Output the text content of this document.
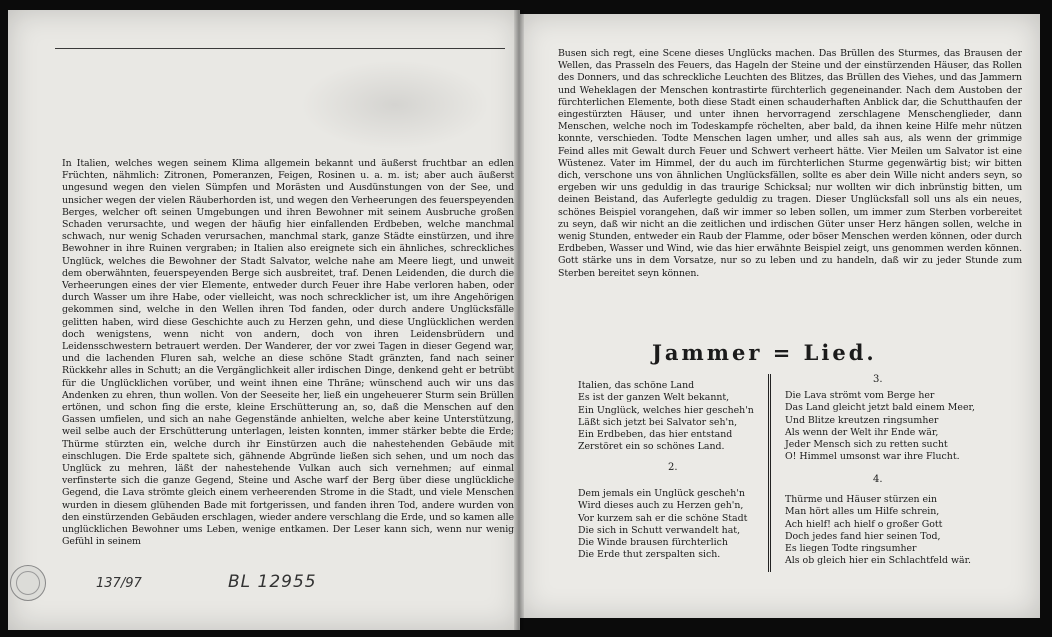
In Italien, welches wegen seinem Klima allgemein bekannt und äußerst fruchtbar an edlen Früchten, nähmlich: Zitronen, Pomeranzen, Feigen, Rosinen u. a. m. ist; aber auch äußerst ungesund wegen den vielen Sümpfen und Morästen und Ausdünstungen von der See, und unsicher wegen der vielen Räuberhorden ist, und wegen den Verheerungen des feuerspeyenden Berges, welcher oft seinen Umgebungen und ihren Bewohner mit seinem Ausbruche großen Schaden verursachte, und wegen der häufig hier einfallenden Erdbeben, welche manchmal schwach, nur wenig Schaden verursachen, manchmal stark, ganze Städte einstürzen, und ihre Bewohner in ihre Ruinen vergraben; in Italien also ereignete sich ein ähnliches, schreckliches Unglück, welches die Bewohner der Stadt Salvator, welche nahe am Meere liegt, und unweit dem oberwähnten, feuerspeyenden Berge sich ausbreitet, traf. Denen Leidenden, die durch die Verheerungen eines der vier Elemente, entweder durch Feuer ihre Habe verloren haben, oder durch Wasser um ihre Habe, oder vielleicht, was noch schrecklicher ist, um ihre Angehörigen gekommen sind, welche in den Wellen ihren Tod fanden, oder durch andere Unglücksfälle gelitten haben, wird diese Geschichte auch zu Herzen gehn, und diese Unglücklichen werden doch wenigstens, wenn nicht von andern, doch von ihren Leidensbrüdern und Leidensschwestern betrauert werden. Der Wanderer, der vor zwei Tagen in dieser Gegend war, und die lachenden Fluren sah, welche an diese schöne Stadt gränzten, fand nach seiner Rückkehr alles in Schutt; an die Vergänglichkeit aller irdischen Dinge, denkend geht er betrübt für die Unglücklichen vorüber, und weint ihnen eine Thräne; wünschend auch wir uns das Andenken zu ehren, thun wollen. Von der Seeseite her, ließ ein ungeheuerer Sturm sein Brüllen ertönen, und schon fing die erste, kleine Erschütterung an, so, daß die Menschen auf den Gassen umfielen, und sich an nahe Gegenstände anhielten, welche aber keine Unterstützung, weil selbe auch der Erschütterung unterlagen, leisten konnten, immer stärker bebte die Erde; Thürme stürzten ein, welche durch ihr Einstürzen auch die nahestehenden Gebäude mit einschlugen. Die Erde spaltete sich, gähnende Abgründe ließen sich sehen, und um noch das Unglück zu mehren, läßt der nahestehende Vulkan auch sich vernehmen; auf einmal verfinsterte sich die ganze Gegend, Steine und Asche warf der Berg über diese unglückliche Gegend, die Lava strömte gleich einem verheerenden Strome in die Stadt, und viele Menschen wurden in diesem glühenden Bade mit fortgerissen, und fanden ihren Tod, andere wurden von den einstürzenden Gebäuden erschlagen, wieder andere verschlang die Erde, und so kamen alle unglücklichen Bewohner ums Leben, wenige entkamen. Der Leser kann sich, wenn nur wenig Gefühl in seinem

Busen sich regt, eine Scene dieses Unglücks machen. Das Brüllen des Sturmes, das Brausen der Wellen, das Prasseln des Feuers, das Hageln der Steine und der einstürzenden Häuser, das Rollen des Donners, und das schreckliche Leuchten des Blitzes, das Brüllen des Viehes, und das Jammern und Weheklagen der Menschen kontrastirte fürchterlich gegeneinander. Nach dem Austoben der fürchterlichen Elemente, both diese Stadt einen schauderhaften Anblick dar, die Schutthaufen der eingestürzten Häuser, und unter ihnen hervorragend zerschlagene Menschenglieder, dann Menschen, welche noch im Todeskampfe röchelten, aber bald, da ihnen keine Hilfe mehr nützen konnte, verschieden. Todte Menschen lagen umher, und alles sah aus, als wenn der grimmige Feind alles mit Gewalt durch Feuer und Schwert verheert hätte. Vier Meilen um Salvator ist eine Wüstenez. Vater im Himmel, der du auch im fürchterlichen Sturme gegenwärtig bist; wir bitten dich, verschone uns von ähnlichen Unglücksfällen, sollte es aber dein Wille nicht anders seyn, so ergeben wir uns geduldig in das traurige Schicksal; nur wollten wir dich inbrünstig bitten, um deinen Beistand, das Auferlegte geduldig zu tragen. Dieser Unglücksfall soll uns als ein neues, schönes Beispiel vorangehen, daß wir immer so leben sollen, um immer zum Sterben vorbereitet zu seyn, daß wir nicht an die zeitlichen und irdischen Güter unser Herz hängen sollen, welche in wenig Stunden, entweder ein Raub der Flamme, oder böser Menschen werden können, oder durch Erdbeben, Wasser und Wind, wie das hier erwähnte Beispiel zeigt, uns genommen werden können. Gott stärke uns in dem Vorsatze, nur so zu leben und zu handeln, daß wir zu jeder Stunde zum Sterben bereitet seyn können.

Jammer = Lied.
Italien, das schöne Land
Es ist der ganzen Welt bekannt,
Ein Unglück, welches hier gescheh'n
Läßt sich jetzt bei Salvator seh'n,
Ein Erdbeben, das hier entstand
Zerstöret ein so schönes Land.

2.

Dem jemals ein Unglück gescheh'n
Wird dieses auch zu Herzen geh'n,
Vor kurzem sah er die schöne Stadt
Die sich in Schutt verwandelt hat,
Die Winde brausen fürchterlich
Die Erde thut zerspalten sich.

3.

Die Lava strömt vom Berge her
Das Land gleicht jetzt bald einem Meer,
Und Blitze kreutzen ringsumher
Als wenn der Welt ihr Ende wär,
Jeder Mensch sich zu retten sucht
O! Himmel umsonst war ihre Flucht.

4.

Thürme und Häuser stürzen ein
Man hört alles um Hilfe schrein,
Ach hielf! ach hielf o großer Gott
Doch jedes fand hier seinen Tod,
Es liegen Todte ringsumher
Als ob gleich hier ein Schlachtfeld wär.

137/97	BL 12955
